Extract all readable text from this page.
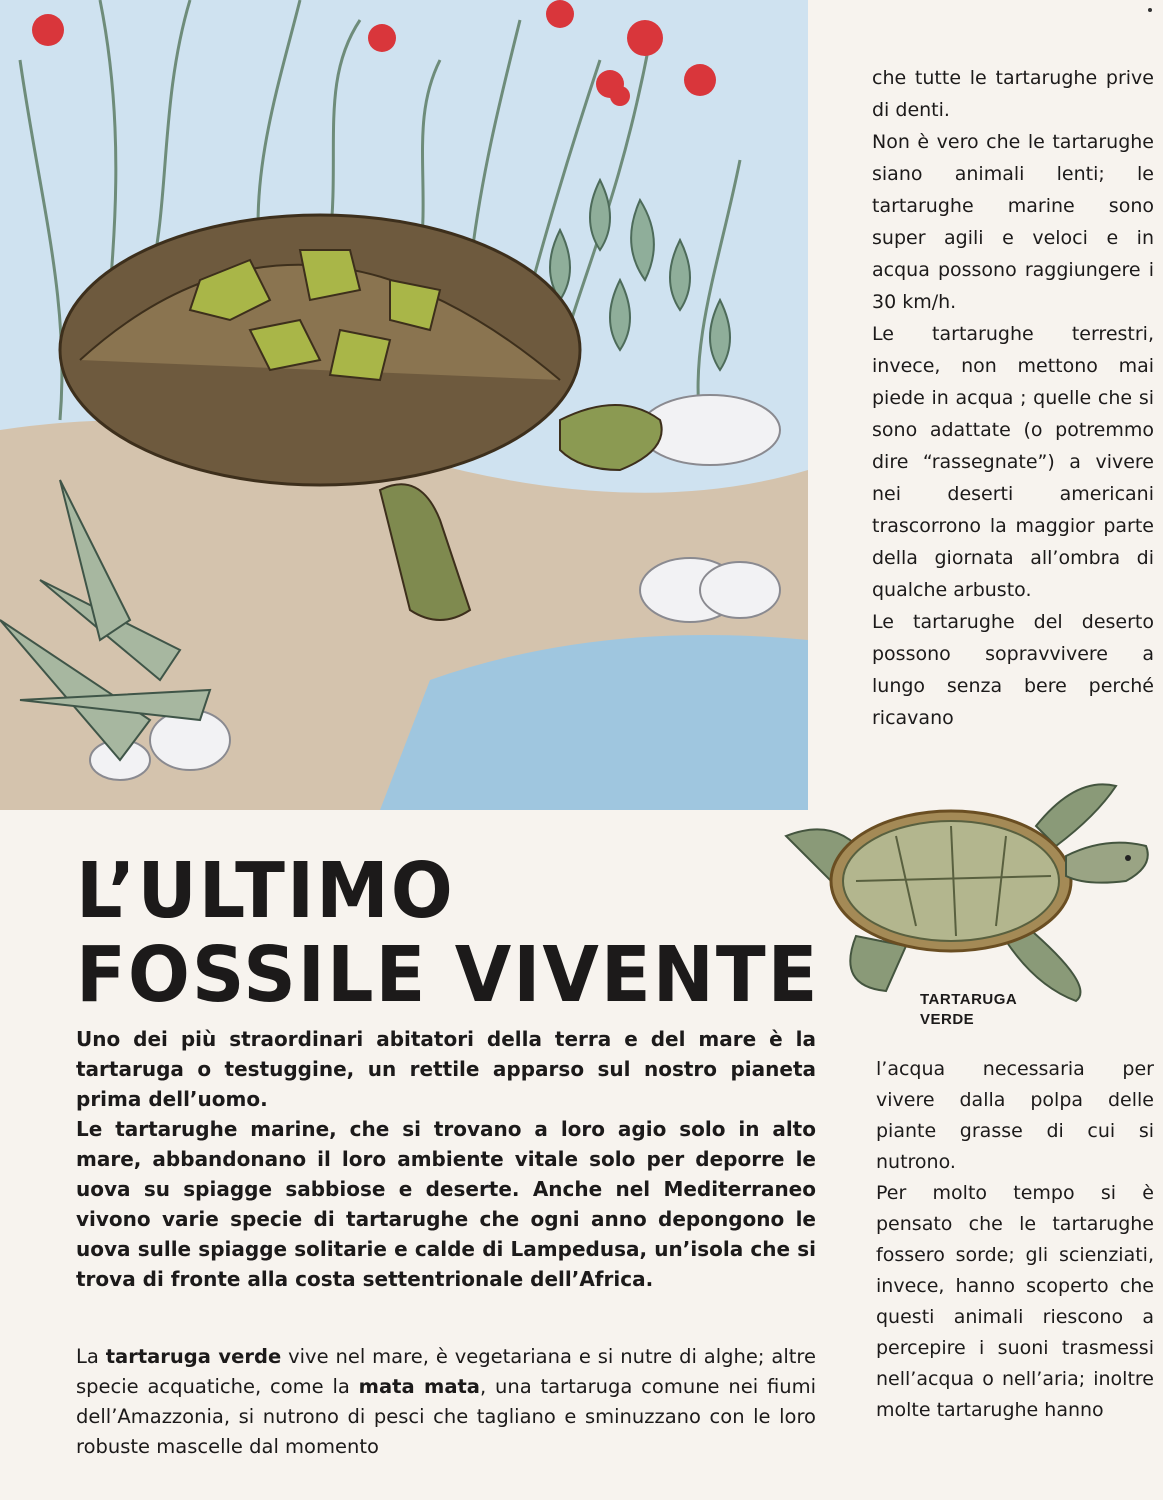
che tutte le tartarughe prive di denti.

Non è vero che le tartarughe siano animali lenti; le tartarughe marine sono super agili e veloci e in acqua possono raggiungere i 30 km/h.

Le tartarughe terrestri, invece, non mettono mai piede in acqua ; quelle che si sono adattate (o potremmo dire “rassegnate”) a vivere nei deserti americani trascorrono la maggior parte della giornata all’ombra di qualche arbusto.

Le tartarughe del deserto possono sopravvivere a lungo senza bere perché ricavano

TARTARUGA
VERDE
L’ULTIMO
FOSSILE VIVENTE

Uno dei più straordinari abitatori della terra e del mare è la tartaruga o testuggine, un rettile apparso sul nostro pianeta prima dell’uomo.

Le tartarughe marine, che si trovano a loro agio solo in alto mare, abbandonano il loro ambiente vitale solo per deporre le uova su spiagge sabbiose e deserte. Anche nel Mediterraneo vivono varie specie di tartarughe che ogni anno depongono le uova sulle spiagge solitarie e calde di Lampedusa, un’isola che si trova di fronte alla costa settentrionale dell’Africa.

La tartaruga verde vive nel mare, è vegetariana e si nutre di alghe; altre specie acquatiche, come la mata mata, una tartaruga comune nei fiumi dell’Amazzonia, si nutrono di pesci che tagliano e sminuzzano con le loro robuste mascelle dal momento

l’acqua necessaria per vivere dalla polpa delle piante grasse di cui si nutrono.

Per molto tempo si è pensato che le tartarughe fossero sorde; gli scienziati, invece, hanno scoperto che questi animali riescono a percepire i suoni trasmessi nell’acqua o nell’aria; inoltre molte tartarughe hanno
